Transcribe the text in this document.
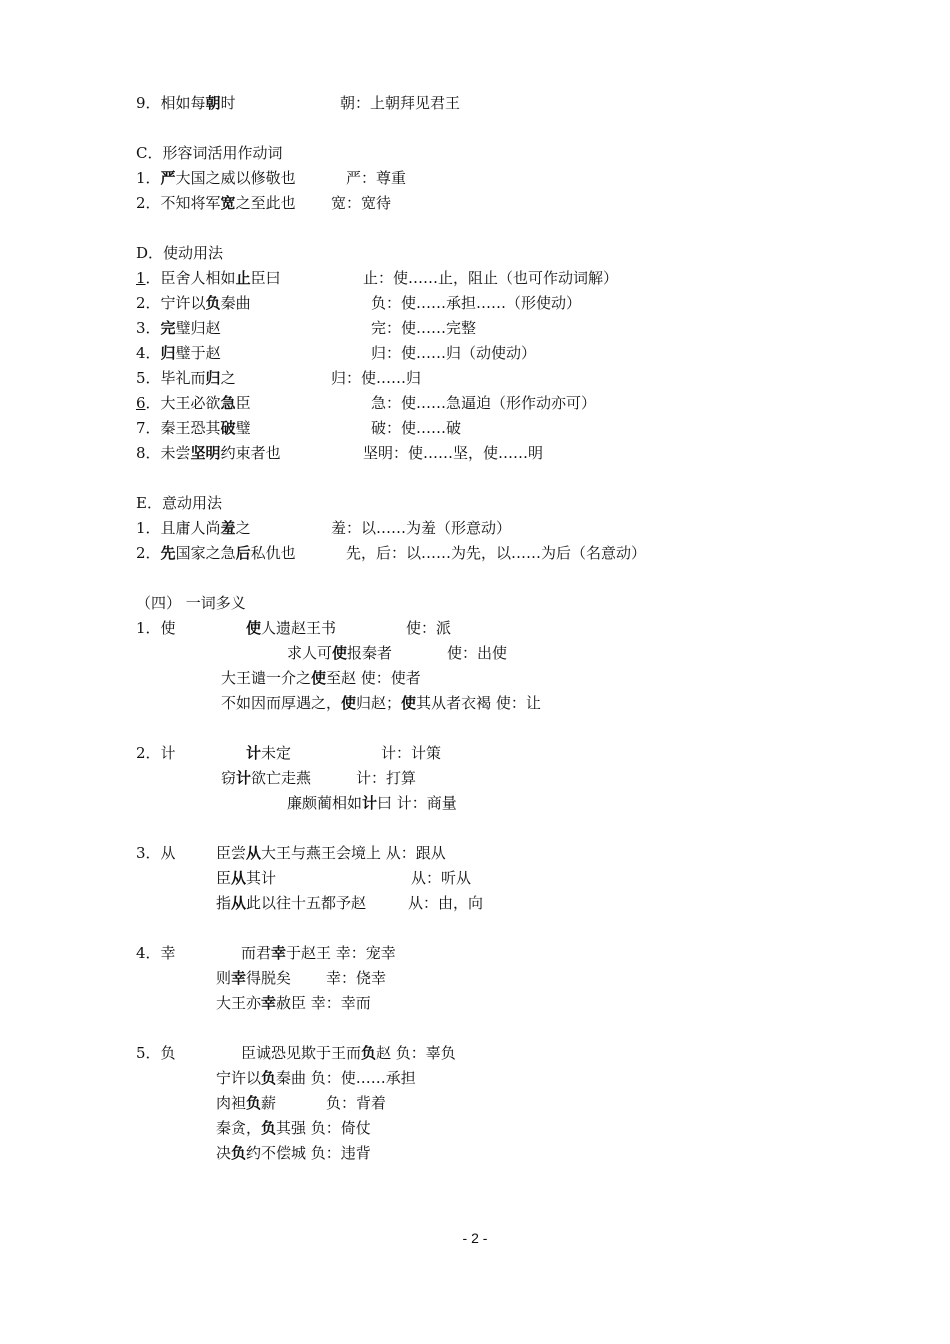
9．相如每朝时	朝：上朝拜见君王
C．形容词活用作动词
1．严大国之威以修敬也	严：尊重
2．不知将军宽之至此也 宽：宽待
D．使动用法
1．臣舍人相如止臣曰	止：使……止，阻止（也可作动词解）
2．宁许以负秦曲	负：使……承担……（形使动）
3．完璧归赵	完：使……完整
4．归璧于赵	归：使……归（动使动）
5．毕礼而归之	归：使……归
6．大王必欲急臣	急：使……急逼迫（形作动亦可）
7．秦王恐其破璧	破：使……破
8．未尝坚明约束者也	坚明：使……坚，使……明
E．意动用法
1．且庸人尚羞之	羞：以……为羞（形意动）
2．先国家之急后私仇也	先，后：以……为先，以……为后（名意动）
（四） 一词多义
1．使	使人遗赵王书	使：派
求人可使报秦者	使：出使
大王谴一介之使至赵 使：使者
不如因而厚遇之，使归赵；使其从者衣褐 使：让
2．计	计未定	计：计策
窃计欲亡走燕	计：打算
廉颇蔺相如计曰 计：商量
3．从	臣尝从大王与燕王会境上 从：跟从
臣从其计	从：听从
指从此以往十五都予赵	从：由，向
4．幸	而君幸于赵王 幸：宠幸
则幸得脱矣 幸：侥幸
大王亦幸赦臣 幸：幸而
5．负	臣诚恐见欺于王而负赵 负：辜负
宁许以负秦曲 负：使……承担
肉袒负薪	负：背着
秦贪，负其强 负：倚仗
决负约不偿城 负：违背
- 2 -
